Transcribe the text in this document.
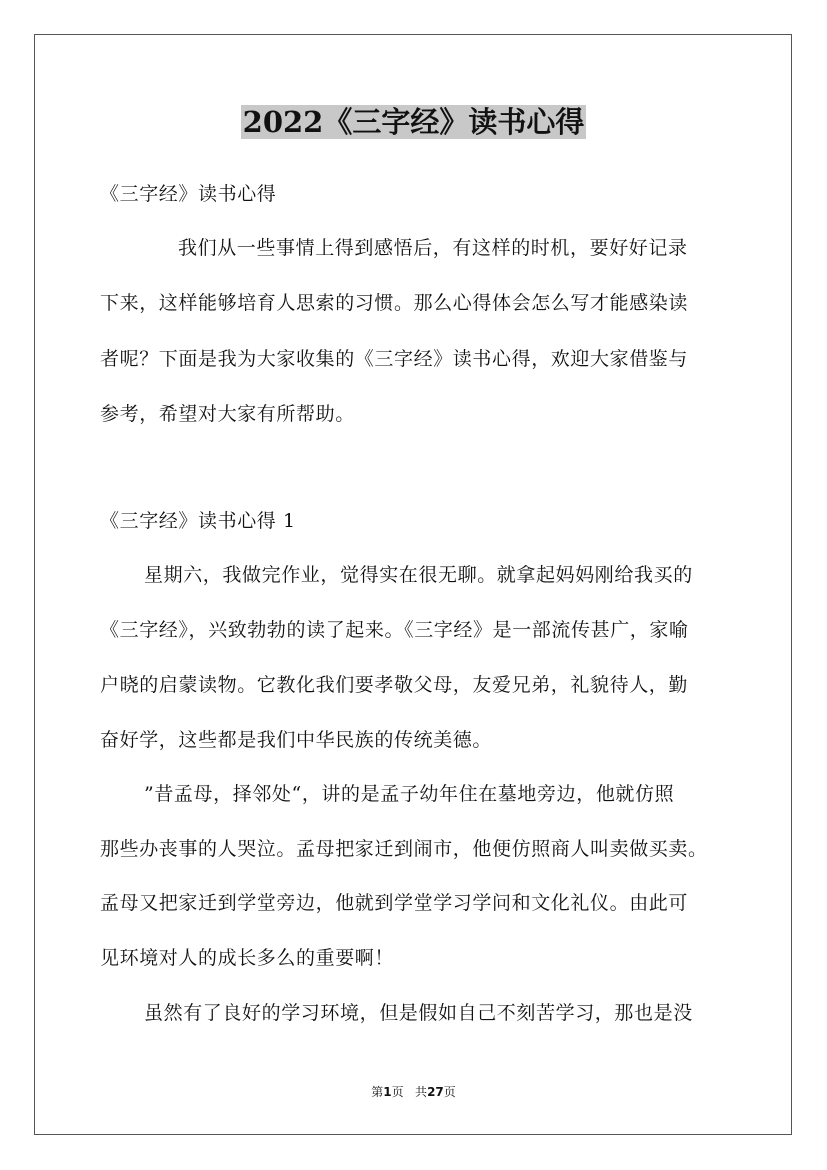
2022《三字经》读书心得
《三字经》读书心得
我们从一些事情上得到感悟后，有这样的时机，要好好记录
下来，这样能够培育人思索的习惯。那么心得体会怎么写才能感染读
者呢？下面是我为大家收集的《三字经》读书心得，欢迎大家借鉴与
参考，希望对大家有所帮助。
《三字经》读书心得 1
星期六，我做完作业，觉得实在很无聊。就拿起妈妈刚给我买的
《三字经》，兴致勃勃的读了起来。《三字经》是一部流传甚广，家喻
户晓的启蒙读物。它教化我们要孝敬父母，友爱兄弟，礼貌待人，勤
奋好学，这些都是我们中华民族的传统美德。
”昔孟母，择邻处“，讲的是孟子幼年住在墓地旁边，他就仿照
那些办丧事的人哭泣。孟母把家迁到闹市，他便仿照商人叫卖做买卖。
孟母又把家迁到学堂旁边，他就到学堂学习学问和文化礼仪。由此可
见环境对人的成长多么的重要啊！
虽然有了良好的学习环境，但是假如自己不刻苦学习，那也是没
第1页 共27页
